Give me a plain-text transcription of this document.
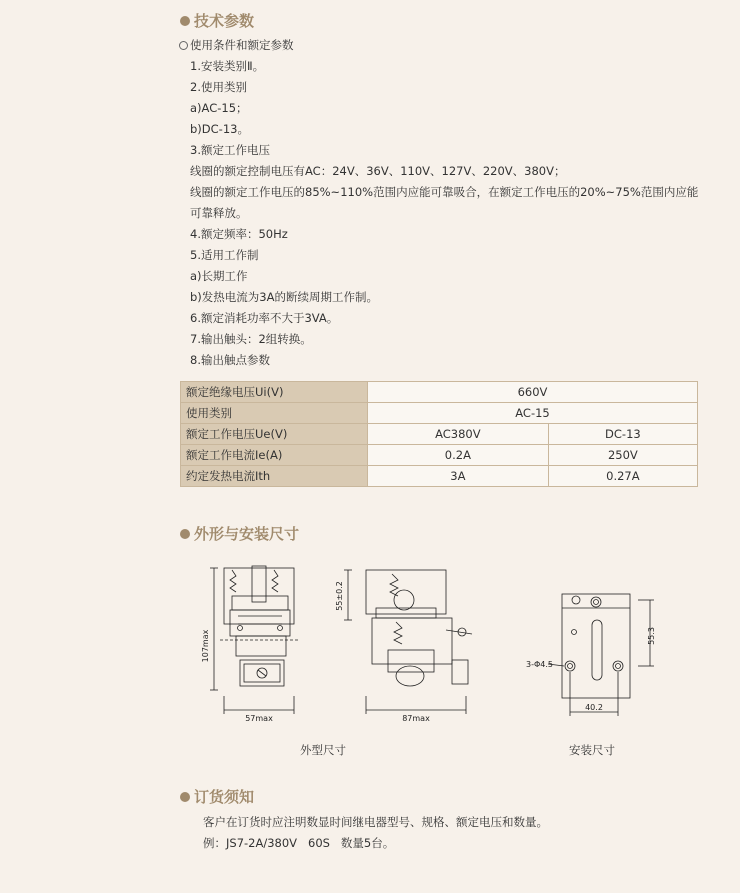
技术参数
使用条件和额定参数
1.安装类别Ⅱ。
2.使用类别
a)AC-15；
b)DC-13。
3.额定工作电压
线圈的额定控制电压有AC：24V、36V、110V、127V、220V、380V；
线圈的额定工作电压的85%~110%范围内应能可靠吸合，在额定工作电压的20%~75%范围内应能
可靠释放。
4.额定频率：50Hz
5.适用工作制
a)长期工作
b)发热电流为3A的断续周期工作制。
6.额定消耗功率不大于3VA。
7.输出触头：2组转换。
8.输出触点参数
额定绝缘电压Ui(V)	660V	
使用类别	AC-15	
额定工作电压Ue(V)	AC380V	DC-13
额定工作电流Ie(A)	0.2A	250V
约定发热电流Ith	3A	0.27A
外形与安装尺寸
107max
57max
55±0.2
87max
55.3
40.2
3-Φ4.5
外型尺寸	安装尺寸
订货须知
客户在订货时应注明数显时间继电器型号、规格、额定电压和数量。
例：JS7-2A/380V   60S   数量5台。
